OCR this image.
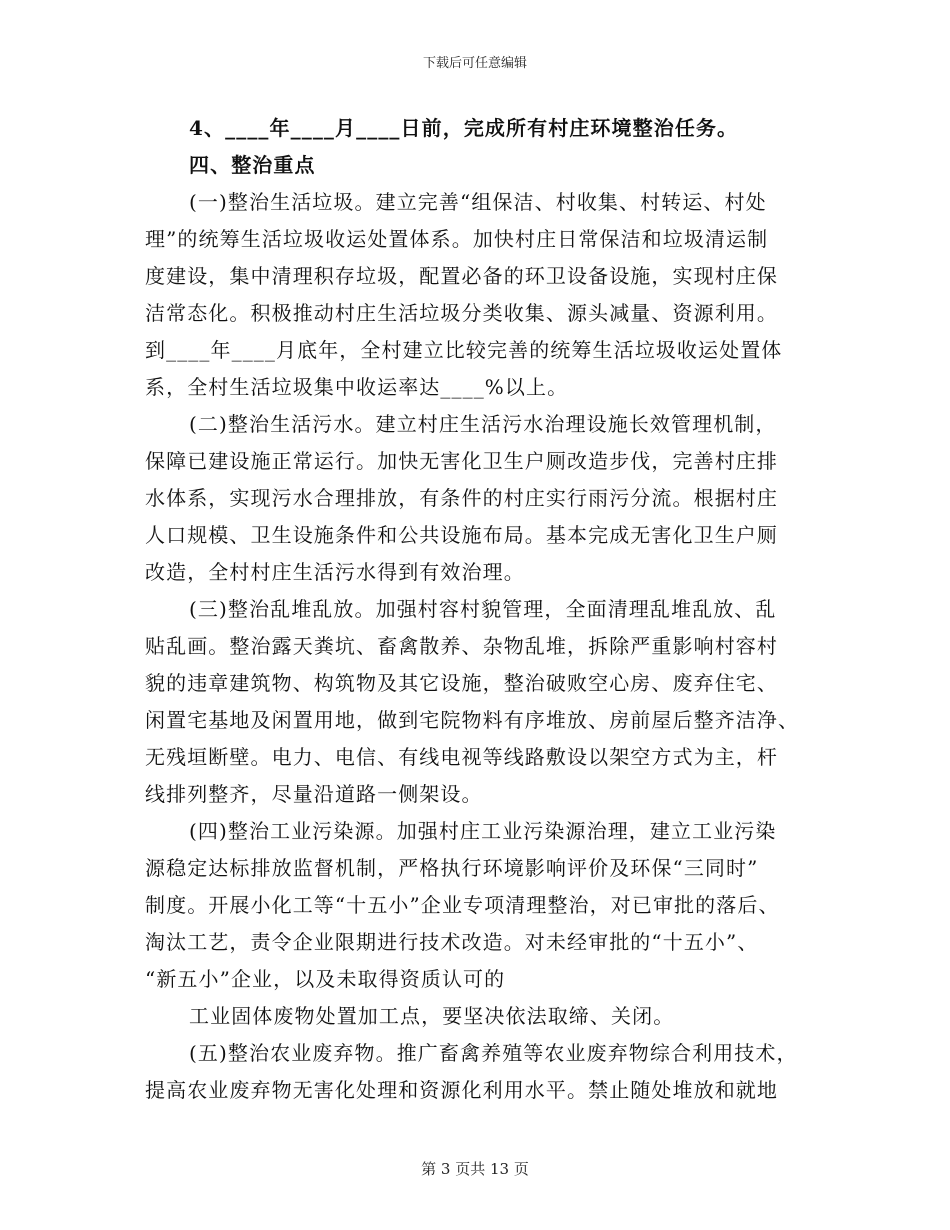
下载后可任意编辑
4、____年____月____日前，完成所有村庄环境整治任务。
四、整治重点
(一)整治生活垃圾。建立完善“组保洁、村收集、村转运、村处
理”的统筹生活垃圾收运处置体系。加快村庄日常保洁和垃圾清运制
度建设，集中清理积存垃圾，配置必备的环卫设备设施，实现村庄保
洁常态化。积极推动村庄生活垃圾分类收集、源头减量、资源利用。
到____年____月底年，全村建立比较完善的统筹生活垃圾收运处置体
系，全村生活垃圾集中收运率达____%以上。
(二)整治生活污水。建立村庄生活污水治理设施长效管理机制，
保障已建设施正常运行。加快无害化卫生户厕改造步伐，完善村庄排
水体系，实现污水合理排放，有条件的村庄实行雨污分流。根据村庄
人口规模、卫生设施条件和公共设施布局。基本完成无害化卫生户厕
改造，全村村庄生活污水得到有效治理。
(三)整治乱堆乱放。加强村容村貌管理，全面清理乱堆乱放、乱
贴乱画。整治露天粪坑、畜禽散养、杂物乱堆，拆除严重影响村容村
貌的违章建筑物、构筑物及其它设施，整治破败空心房、废弃住宅、
闲置宅基地及闲置用地，做到宅院物料有序堆放、房前屋后整齐洁净、
无残垣断壁。电力、电信、有线电视等线路敷设以架空方式为主，杆
线排列整齐，尽量沿道路一侧架设。
(四)整治工业污染源。加强村庄工业污染源治理，建立工业污染
源稳定达标排放监督机制，严格执行环境影响评价及环保“三同时”
制度。开展小化工等“十五小”企业专项清理整治，对已审批的落后、
淘汰工艺，责令企业限期进行技术改造。对未经审批的“十五小”、
“新五小”企业，以及未取得资质认可的
工业固体废物处置加工点，要坚决依法取缔、关闭。
(五)整治农业废弃物。推广畜禽养殖等农业废弃物综合利用技术，
提高农业废弃物无害化处理和资源化利用水平。禁止随处堆放和就地
第 3 页共 13 页
